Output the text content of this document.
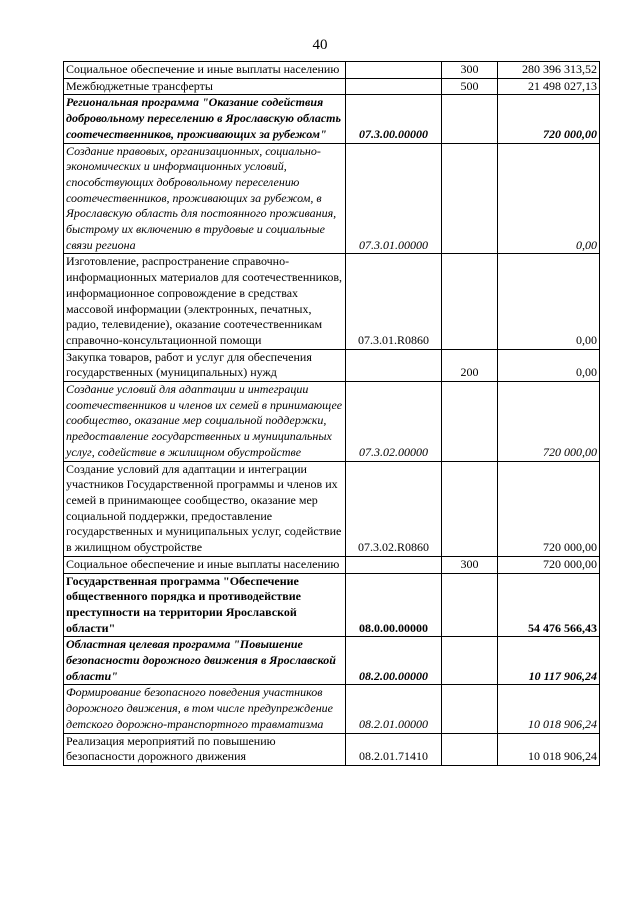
40
Социальное обеспечение и иные выплаты населению		300	280 396 313,52
Межбюджетные трансферты		500	21 498 027,13
Региональная программа "Оказание содействия добровольному переселению в Ярославскую область соотечественников, проживающих за рубежом"	07.3.00.00000		720 000,00
Создание правовых, организационных, социально-экономических и информационных условий, способствующих добровольному переселению соотечественников, проживающих за рубежом, в Ярославскую область для постоянного проживания, быстрому их включению в трудовые и социальные связи региона	07.3.01.00000		0,00
Изготовление, распространение справочно-информационных материалов для соотечественников, информационное сопровождение в средствах массовой информации (электронных, печатных, радио, телевидение), оказание соотечественникам справочно-консультационной помощи	07.3.01.R0860		0,00
Закупка товаров, работ и услуг для обеспечения государственных (муниципальных) нужд		200	0,00
Создание условий для адаптации и интеграции соотечественников и членов их семей в принимающее сообщество, оказание мер социальной поддержки, предоставление государственных и муниципальных услуг, содействие в жилищном обустройстве	07.3.02.00000		720 000,00
Создание условий для адаптации и интеграции участников Государственной программы и членов их семей в принимающее сообщество, оказание мер социальной поддержки, предоставление государственных и муниципальных услуг, содействие в жилищном обустройстве	07.3.02.R0860		720 000,00
Социальное обеспечение и иные выплаты населению		300	720 000,00
Государственная программа "Обеспечение общественного порядка и противодействие преступности на территории Ярославской области"	08.0.00.00000		54 476 566,43
Областная целевая программа "Повышение безопасности дорожного движения в Ярославской области"	08.2.00.00000		10 117 906,24
Формирование безопасного поведения участников дорожного движения, в том числе предупреждение детского дорожно-транспортного травматизма	08.2.01.00000		10 018 906,24
Реализация мероприятий по повышению безопасности дорожного движения	08.2.01.71410		10 018 906,24
